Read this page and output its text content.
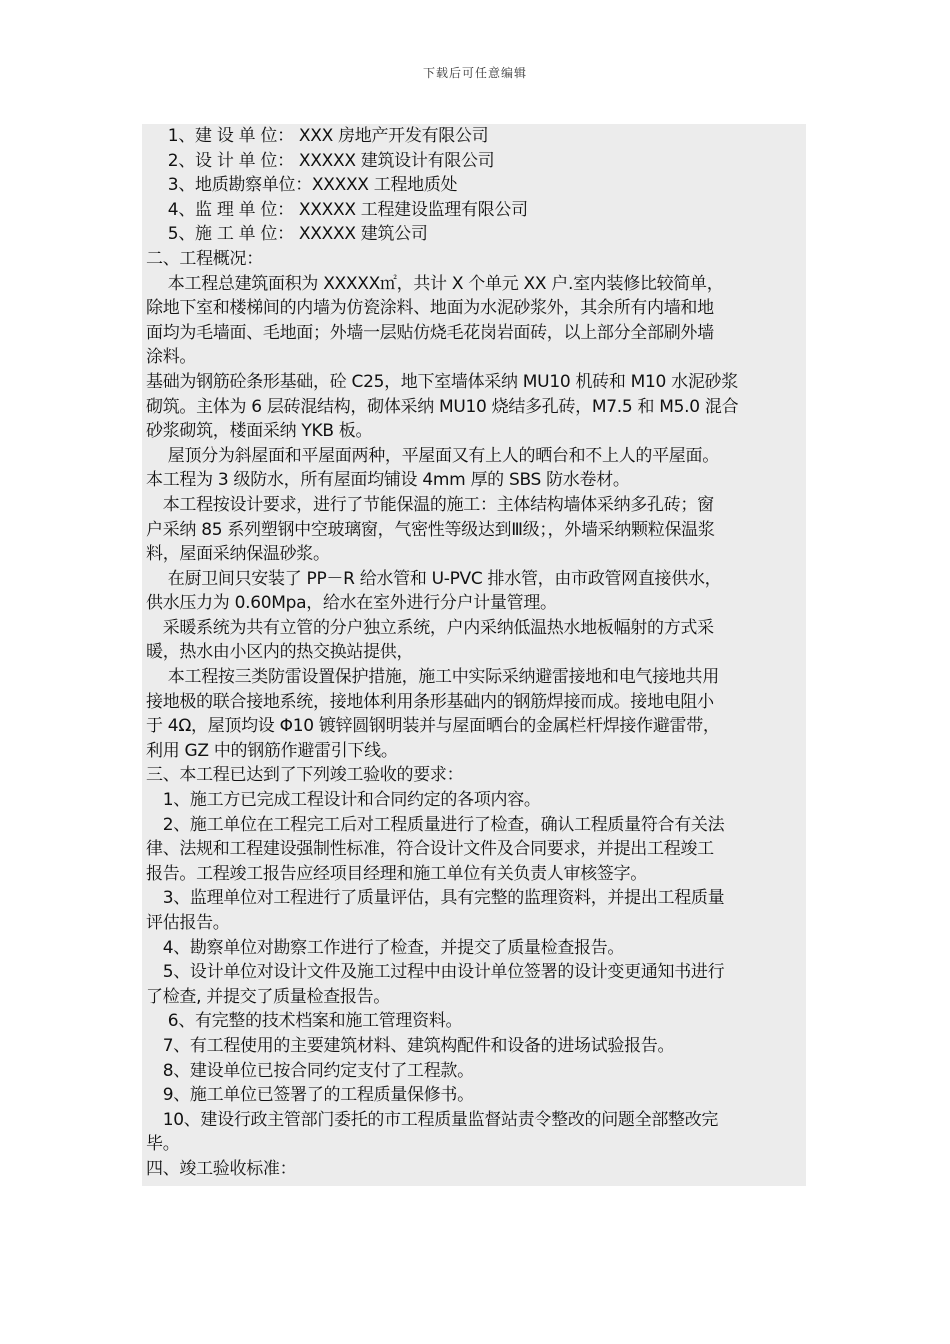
下载后可任意编辑
　 1、建 设 单 位： XXX 房地产开发有限公司
　 2、设 计 单 位： XXXXX 建筑设计有限公司
　 3、地质勘察单位：XXXXX 工程地质处
　 4、监 理 单 位： XXXXX 工程建设监理有限公司
　 5、施 工 单 位： XXXXX 建筑公司
二、工程概况：
　 本工程总建筑面积为 XXXXX㎡，共计 X 个单元 XX 户.室内装修比较简单，
除地下室和楼梯间的内墙为仿瓷涂料、地面为水泥砂浆外，其余所有内墙和地
面均为毛墙面、毛地面；外墙一层贴仿烧毛花岗岩面砖，以上部分全部刷外墙
涂料。
基础为钢筋砼条形基础，砼 C25，地下室墙体采纳 MU10 机砖和 M10 水泥砂浆
砌筑。主体为 6 层砖混结构，砌体采纳 MU10 烧结多孔砖，M7.5 和 M5.0 混合
砂浆砌筑，楼面采纳 YKB 板。
　 屋顶分为斜屋面和平屋面两种，平屋面又有上人的晒台和不上人的平屋面。
本工程为 3 级防水，所有屋面均铺设 4mm 厚的 SBS 防水卷材。
　本工程按设计要求，进行了节能保温的施工：主体结构墙体采纳多孔砖；窗
户采纳 85 系列塑钢中空玻璃窗，气密性等级达到Ⅲ级；，外墙采纳颗粒保温浆
料，屋面采纳保温砂浆。
　 在厨卫间只安装了 PP－R 给水管和 U-PVC 排水管，由市政管网直接供水，
供水压力为 0.60Mpa，给水在室外进行分户计量管理。
　采暖系统为共有立管的分户独立系统，户内采纳低温热水地板幅射的方式采
暖，热水由小区内的热交换站提供，
　 本工程按三类防雷设置保护措施，施工中实际采纳避雷接地和电气接地共用
接地极的联合接地系统，接地体利用条形基础内的钢筋焊接而成。接地电阻小
于 4Ω，屋顶均设 Φ10 镀锌圆钢明装并与屋面晒台的金属栏杆焊接作避雷带，
利用 GZ 中的钢筋作避雷引下线。
三、本工程已达到了下列竣工验收的要求：
　1、施工方已完成工程设计和合同约定的各项内容。
　2、施工单位在工程完工后对工程质量进行了检查，确认工程质量符合有关法
律、法规和工程建设强制性标准，符合设计文件及合同要求，并提出工程竣工
报告。工程竣工报告应经项目经理和施工单位有关负责人审核签字。
　3、监理单位对工程进行了质量评估，具有完整的监理资料，并提出工程质量
评估报告。
　4、勘察单位对勘察工作进行了检查，并提交了质量检查报告。
　5、设计单位对设计文件及施工过程中由设计单位签署的设计变更通知书进行
了检查, 并提交了质量检查报告。
　 6、有完整的技术档案和施工管理资料。
　7、有工程使用的主要建筑材料、建筑构配件和设备的进场试验报告。
　8、建设单位已按合同约定支付了工程款。
　9、施工单位已签署了的工程质量保修书。
　10、建设行政主管部门委托的市工程质量监督站责令整改的问题全部整改完
毕。
四、竣工验收标准：
